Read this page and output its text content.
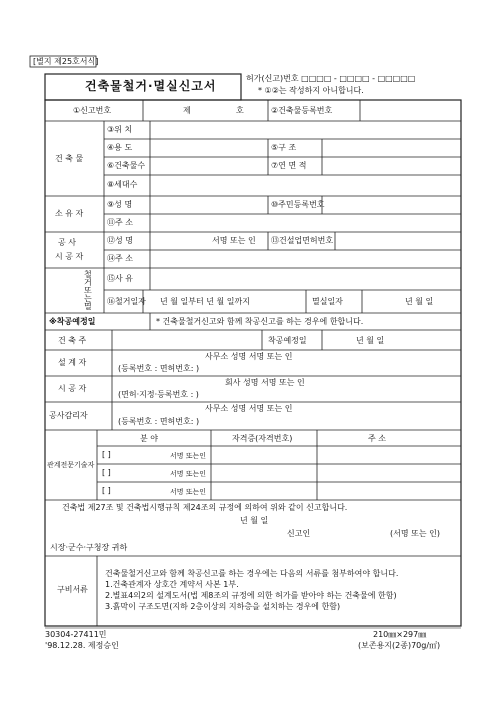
[별지 제25호서식]
건축물철거·멸실신고서
허가(신고)번호 □□□□ - □□□□ - □□□□□
* ①②는 작성하지 아니합니다.
①신고번호	제	호	②건축물등록번호
건 축 물
③위 치
④용 도	⑤구 조
⑥건축물수	⑦연 면 적
⑧세대수
소 유 자
⑨성 명	⑩주민등록번호
⑪주 소
공 사
시 공 자
⑫성 명	서명 또는 인 ⑬건설업면허번호
⑭주 소
철
거
또
는
멸
⑮사 유
⑯철거일자 년 월 일부터 년 월 일까지	멸실일자	년 월 일
※착공예정일	* 건축물철거신고와 함께 착공신고를 하는 경우에 한합니다.
건 축 주	착공예정일	년 월 일
설 계 자
사무소 성명 서명 또는 인
(등록번호 : 면허번호: )
시 공 자
회사 성명 서명 또는 인
(면허·지정·등록번호 : )
공사감리자
사무소 성명 서명 또는 인
(등록번호 : 면허번호: )
관계전문기술자
분 야	자격증(자격번호)	주 소
[ ]	서명 또는인
[ ]	서명 또는인
[ ]	서명 또는인
건축법 제27조 및 건축법시행규칙 제24조의 규정에 의하여 위와 같이 신고합니다.
년 월 일
신고인	(서명 또는 인)
시장·군수·구청장 귀하
구비서류
건축물철거신고와 함께 착공신고를 하는 경우에는 다음의 서류를 첨부하여야 합니다.
1.건축관계자 상호간 계약서 사본 1부.
2.별표4의2의 설계도서(법 제8조의 규정에 의한 허가를 받아야 하는 건축물에 한함)
3.흙막이 구조도면(지하 2층이상의 지하층을 설치하는 경우에 한함)
30304-27411민
'98.12.28. 제정승인
210㎜×297㎜
(보존용지(2종)70g/㎡)
